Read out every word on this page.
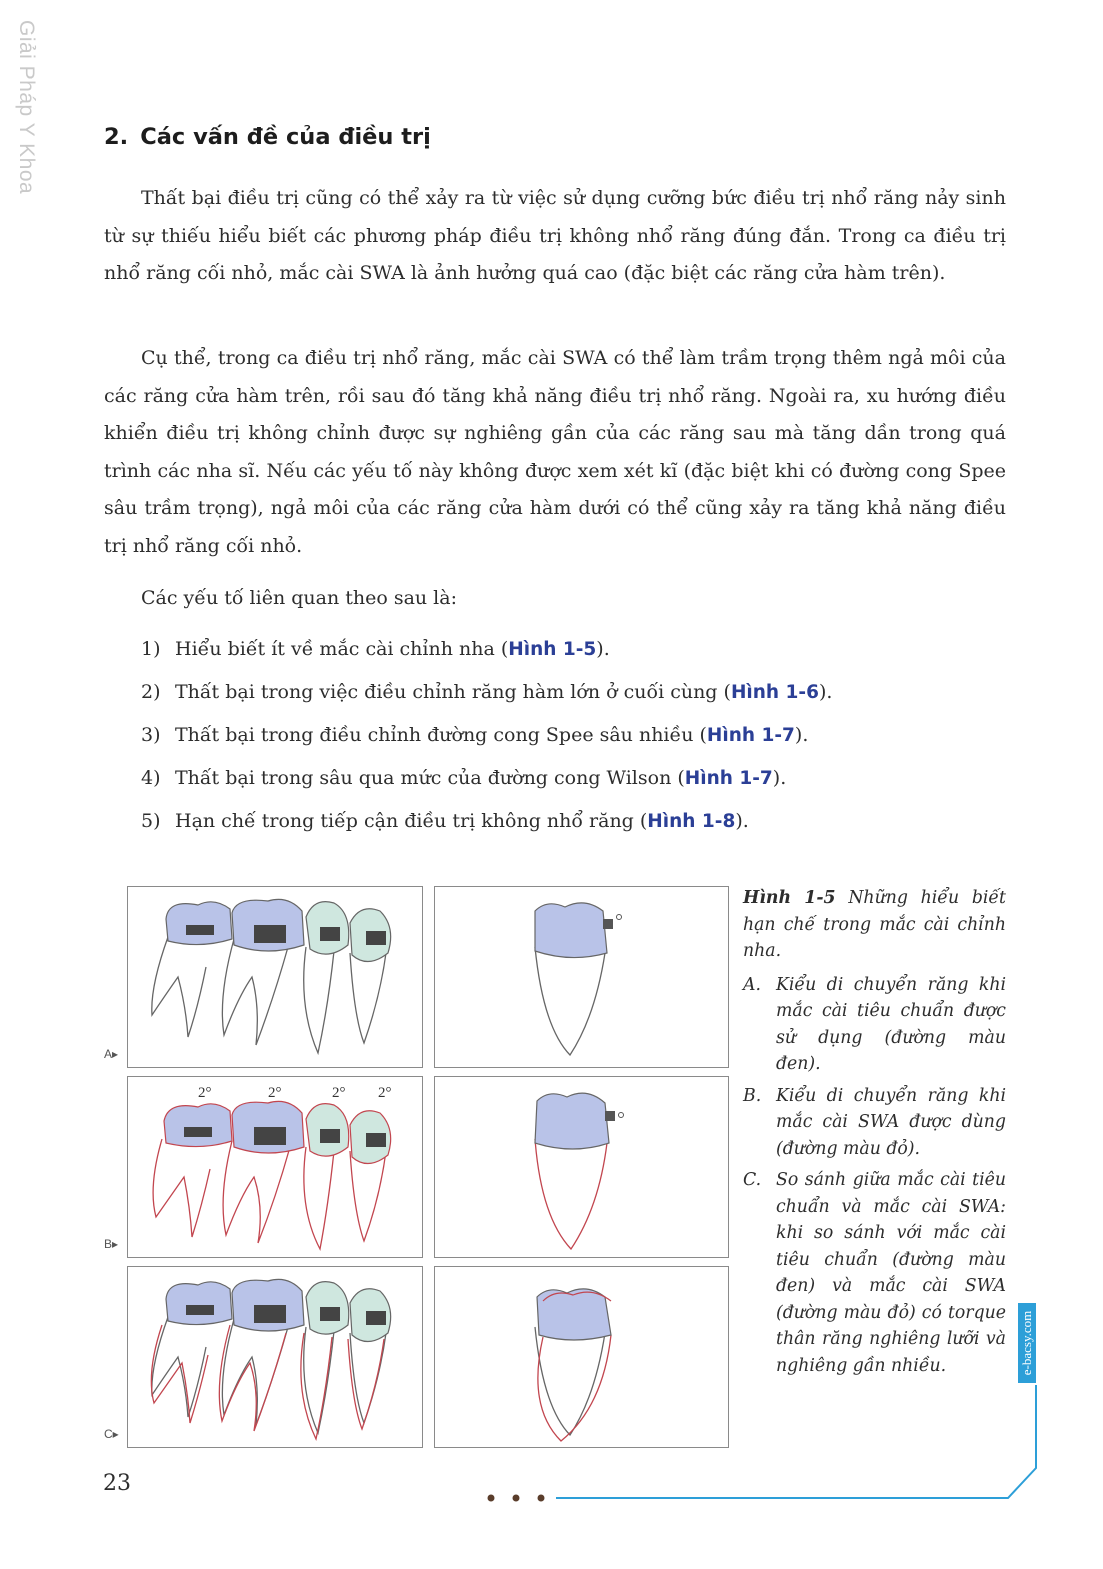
Giải Pháp Y Khoa	2. Các vấn đề của điều trị

Thất bại điều trị cũng có thể xảy ra từ việc sử dụng cưỡng bức điều trị nhổ răng nảy sinh từ sự thiếu hiểu biết các phương pháp điều trị không nhổ răng đúng đắn. Trong ca điều trị nhổ răng cối nhỏ, mắc cài SWA là ảnh hưởng quá cao (đặc biệt các răng cửa hàm trên).

Cụ thể, trong ca điều trị nhổ răng, mắc cài SWA có thể làm trầm trọng thêm ngả môi của các răng cửa hàm trên, rồi sau đó tăng khả năng điều trị nhổ răng. Ngoài ra, xu hướng điều khiển điều trị không chỉnh được sự nghiêng gần của các răng sau mà tăng dần trong quá trình các nha sĩ. Nếu các yếu tố này không được xem xét kĩ (đặc biệt khi có đường cong Spee sâu trầm trọng), ngả môi của các răng cửa hàm dưới có thể cũng xảy ra tăng khả năng điều trị nhổ răng cối nhỏ.

Các yếu tố liên quan theo sau là:
1) Hiểu biết ít về mắc cài chỉnh nha (Hình 1-5).
2) Thất bại trong việc điều chỉnh răng hàm lớn ở cuối cùng (Hình 1-6).
3) Thất bại trong điều chỉnh đường cong Spee sâu nhiều (Hình 1-7).
4) Thất bại trong sâu qua mức của đường cong Wilson (Hình 1-7).
5) Hạn chế trong tiếp cận điều trị không nhổ răng (Hình 1-8).
A▸
2°	2°	2° 2°
B▸
C▸

Hình 1-5 Những hiểu biết hạn chế trong mắc cài chỉnh nha.

A. Kiểu di chuyển răng khi mắc cài tiêu chuẩn được sử dụng (đường màu đen).
B. Kiểu di chuyển răng khi mắc cài SWA được dùng (đường màu đỏ).
C. So sánh giữa mắc cài tiêu chuẩn và mắc cài SWA: khi so sánh với mắc cài tiêu chuẩn (đường màu đen) và mắc cài SWA (đường màu đỏ) có torque thân răng nghiêng lưỡi và nghiêng gần nhiều.	e-bacsy.com
23
